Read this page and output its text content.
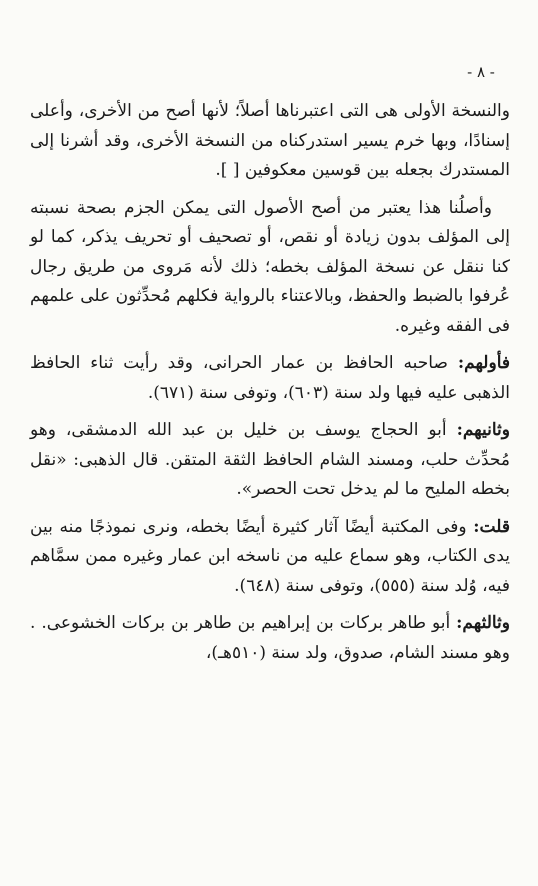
- ٨ -

والنسخة الأولى هى التى اعتبرناها أصلاً؛ لأنها أصح من الأخرى، وأعلى إسنادًا، وبها خرم يسير استدركناه من النسخة الأخرى، وقد أشرنا إلى المستدرك بجعله بين قوسين معكوفين [ ].

وأصلُنا هذا يعتبر من أصح الأصول التى يمكن الجزم بصحة نسبته إلى المؤلف بدون زيادة أو نقص، أو تصحيف أو تحريف يذكر، كما لو كنا ننقل عن نسخة المؤلف بخطه؛ ذلك لأنه مَروى من طريق رجال عُرفوا بالضبط والحفظ، وبالاعتناء بالرواية فكلهم مُحدِّثون على علمهم فى الفقه وغيره.

فأولهم: صاحبه الحافظ بن عمار الحرانى، وقد رأيت ثناء الحافظ الذهبى عليه فيها ولد سنة (٦٠٣)، وتوفى سنة (٦٧١).

وثانيهم: أبو الحجاج يوسف بن خليل بن عبد الله الدمشقى، وهو مُحدِّث حلب، ومسند الشام الحافظ الثقة المتقن. قال الذهبى: «نقل بخطه المليح ما لم يدخل تحت الحصر».

قلت: وفى المكتبة أيضًا آثار كثيرة أيضًا بخطه، ونرى نموذجًا منه بين يدى الكتاب، وهو سماع عليه من ناسخه ابن عمار وغيره ممن سمَّاهم فيه، وُلد سنة (٥٥٥)، وتوفى سنة (٦٤٨).

وثالثهم: أبو طاهر بركات بن إبراهيم بن طاهر بن بركات الخشوعى. . وهو مسند الشام، صدوق، ولد سنة (٥١٠هـ)،
